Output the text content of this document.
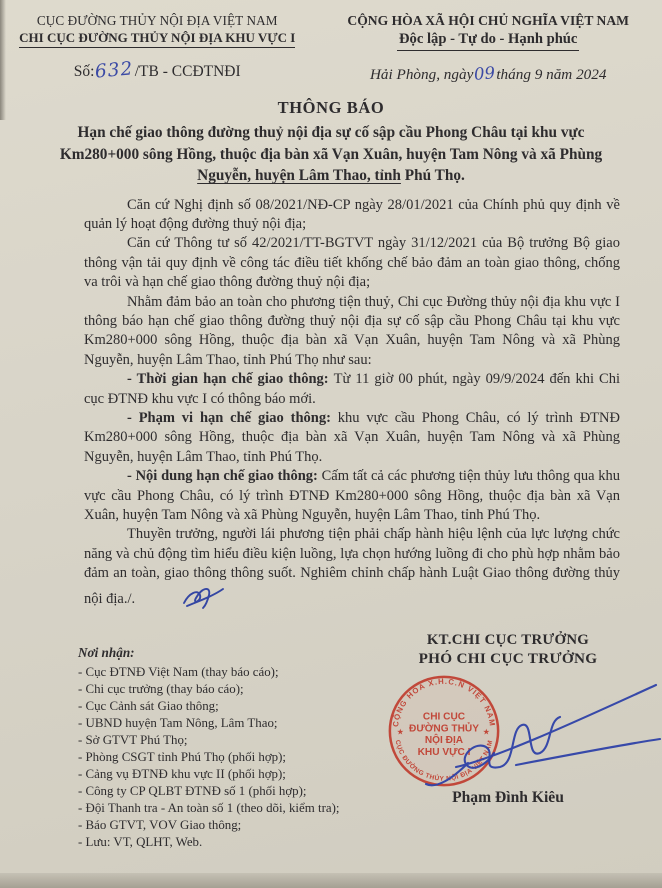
CỤC ĐƯỜNG THỦY NỘI ĐỊA VIỆT NAM
CHI CỤC ĐƯỜNG THỦY NỘI ĐỊA KHU VỰC I
Số:632/TB - CCĐTNĐI
CỘNG HÒA XÃ HỘI CHỦ NGHĨA VIỆT NAM
Độc lập - Tự do - Hạnh phúc
Hải Phòng, ngày09tháng 9 năm 2024
THÔNG BÁO
Hạn chế giao thông đường thuỷ nội địa sự cố sập cầu Phong Châu tại khu vực Km280+000 sông Hồng, thuộc địa bàn xã Vạn Xuân, huyện Tam Nông và xã Phùng Nguyễn, huyện Lâm Thao, tỉnh Phú Thọ.

Căn cứ Nghị định số 08/2021/NĐ-CP ngày 28/01/2021 của Chính phủ quy định về quản lý hoạt động đường thuỷ nội địa;

Căn cứ Thông tư số 42/2021/TT-BGTVT ngày 31/12/2021 của Bộ trưởng Bộ giao thông vận tải quy định về công tác điều tiết khống chế bảo đảm an toàn giao thông, chống va trôi và hạn chế giao thông đường thuỷ nội địa;

Nhằm đảm bảo an toàn cho phương tiện thuỷ, Chi cục Đường thủy nội địa khu vực I thông báo hạn chế giao thông đường thuỷ nội địa sự cố sập cầu Phong Châu tại khu vực Km280+000 sông Hồng, thuộc địa bàn xã Vạn Xuân, huyện Tam Nông và xã Phùng Nguyễn, huyện Lâm Thao, tỉnh Phú Thọ như sau:

- Thời gian hạn chế giao thông: Từ 11 giờ 00 phút, ngày 09/9/2024 đến khi Chi cục ĐTNĐ khu vực I có thông báo mới.

- Phạm vi hạn chế giao thông: khu vực cầu Phong Châu, có lý trình ĐTNĐ Km280+000 sông Hồng, thuộc địa bàn xã Vạn Xuân, huyện Tam Nông và xã Phùng Nguyễn, huyện Lâm Thao, tỉnh Phú Thọ.

- Nội dung hạn chế giao thông: Cấm tất cả các phương tiện thủy lưu thông qua khu vực cầu Phong Châu, có lý trình ĐTNĐ Km280+000 sông Hồng, thuộc địa bàn xã Vạn Xuân, huyện Tam Nông và xã Phùng Nguyễn, huyện Lâm Thao, tỉnh Phú Thọ.

Thuyền trưởng, người lái phương tiện phải chấp hành hiệu lệnh của lực lượng chức năng và chủ động tìm hiểu điều kiện luồng, lựa chọn hướng luồng đi cho phù hợp nhằm bảo đảm an toàn, giao thông thông suốt. Nghiêm chỉnh chấp hành Luật Giao thông đường thủy nội địa./.

Nơi nhận:
- Cục ĐTNĐ Việt Nam (thay báo cáo);
- Chi cục trưởng (thay báo cáo);
- Cục Cảnh sát Giao thông;
- UBND huyện Tam Nông, Lâm Thao;
- Sở GTVT Phú Thọ;
- Phòng CSGT tỉnh Phú Thọ (phối hợp);
- Cảng vụ ĐTNĐ khu vực II (phối hợp);
- Công ty CP QLBT ĐTNĐ số 1 (phối hợp);
- Đội Thanh tra - An toàn số 1 (theo dõi, kiểm tra);
- Báo GTVT, VOV Giao thông;
- Lưu: VT, QLHT, Web.
KT.CHI CỤC TRƯỞNG
PHÓ CHI CỤC TRƯỞNG
CỘNG HÒA X.H.C.N VIỆT NAM
CỤC ĐƯỜNG THỦY NỘI ĐỊA VIỆT NAM
★	★
CHI CỤC
ĐƯỜNG THỦY
NỘI ĐỊA
KHU VỰC I
Phạm Đình Kiêu
